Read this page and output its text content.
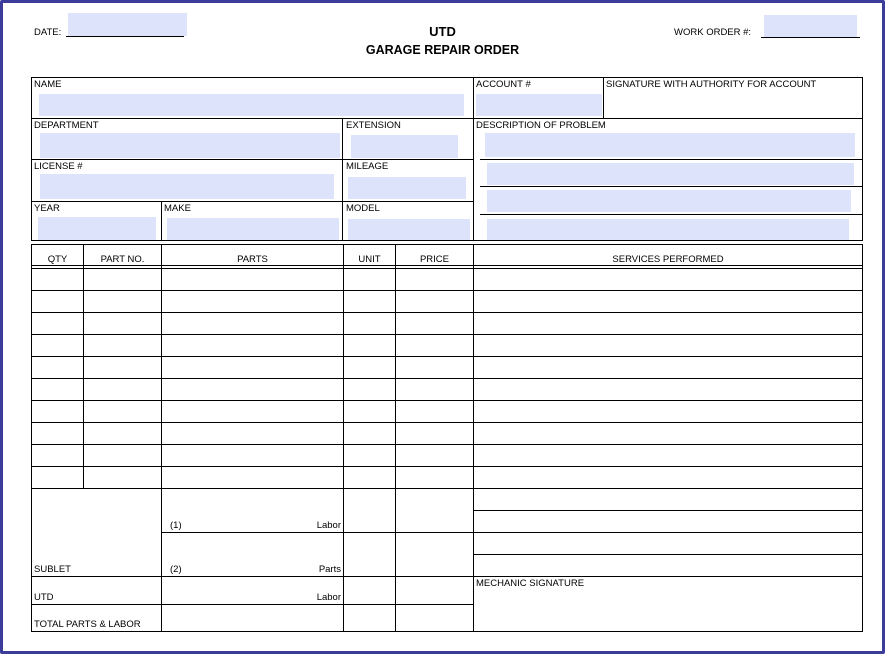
UTD
GARAGE REPAIR ORDER
DATE:	WORK ORDER #:
NAME	ACCOUNT #	SIGNATURE WITH AUTHORITY FOR ACCOUNT
DEPARTMENT	EXTENSION	DESCRIPTION OF PROBLEM
LICENSE #	MILEAGE
YEAR	MAKE	MODEL
QTY	PART NO.	PARTS	UNIT	PRICE	SERVICES PERFORMED
(1)	Labor
SUBLET	(2)	Parts
UTD	Labor
TOTAL PARTS & LABOR
MECHANIC SIGNATURE
